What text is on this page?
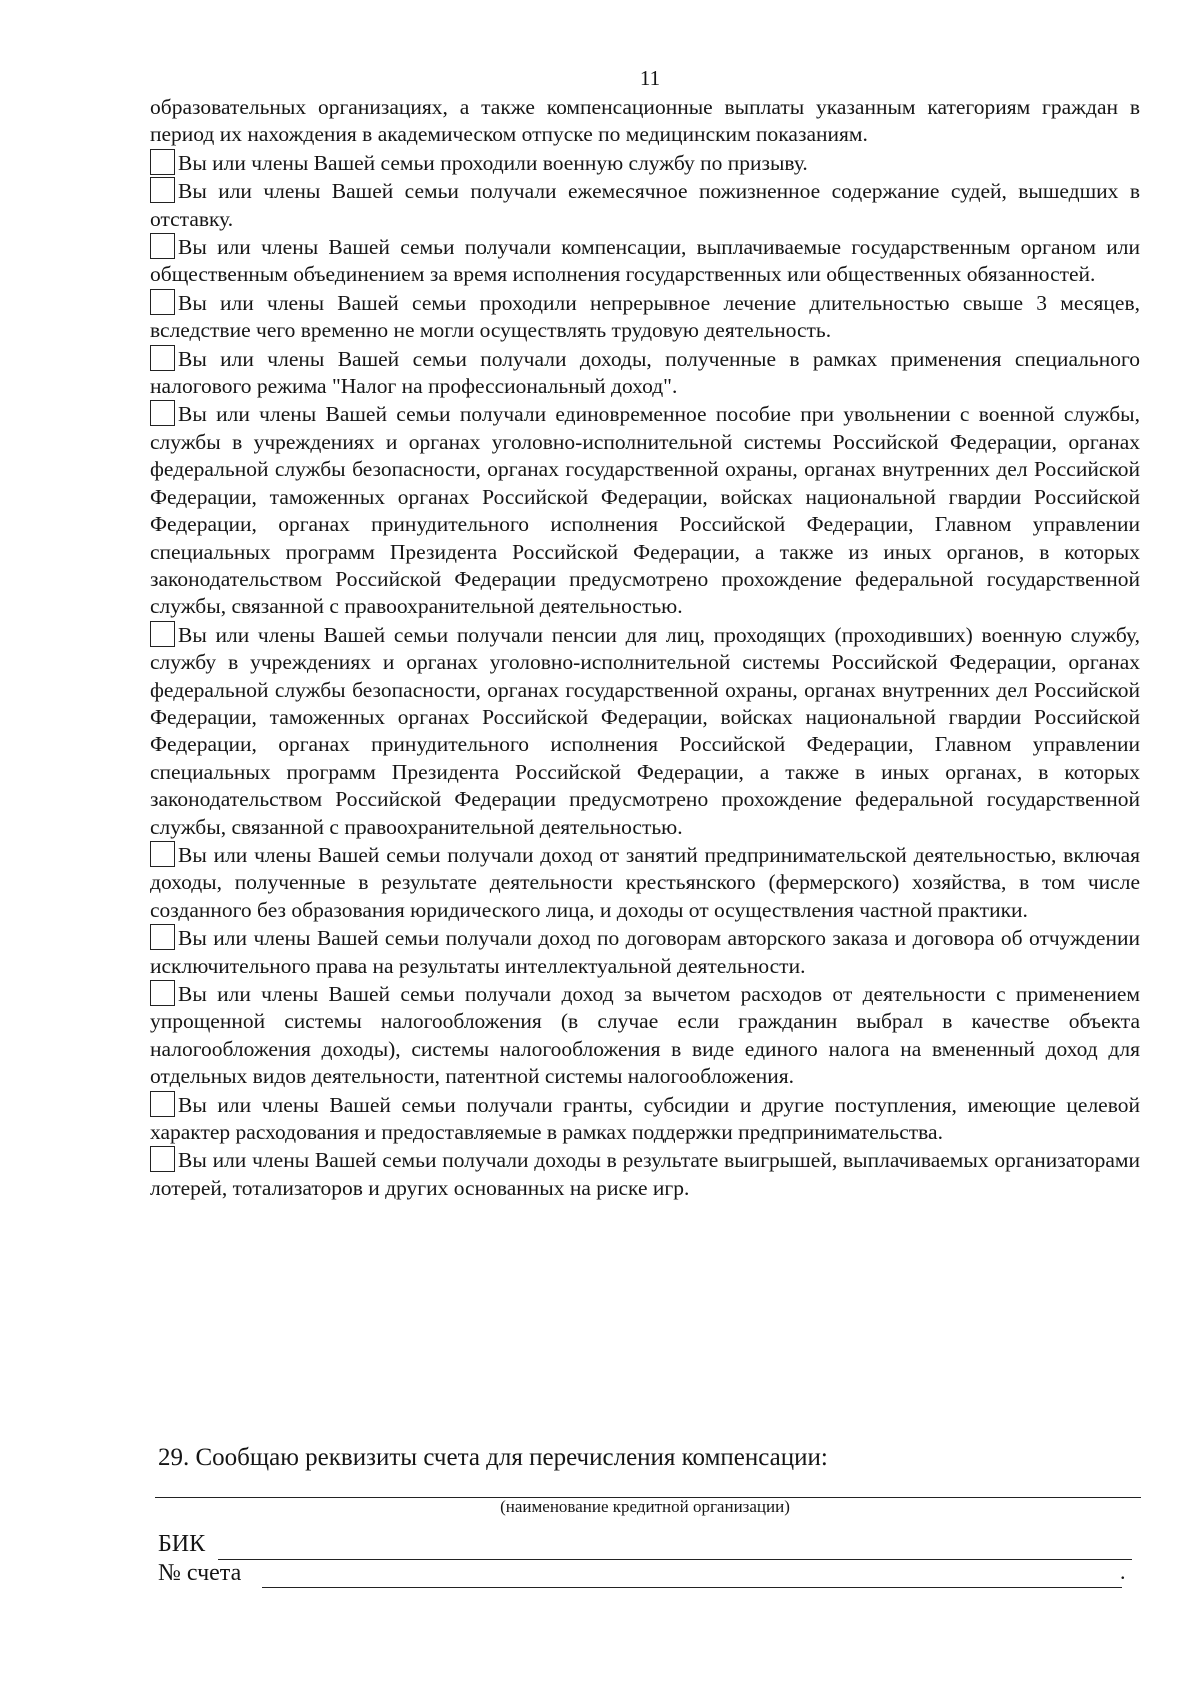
11

образовательных организациях, а также компенсационные выплаты указанным категориям граждан в период их нахождения в академическом отпуске по медицинским показаниям.

Вы или члены Вашей семьи проходили военную службу по призыву.

Вы или члены Вашей семьи получали ежемесячное пожизненное содержание судей, вышедших в отставку.

Вы или члены Вашей семьи получали компенсации, выплачиваемые государственным органом или общественным объединением за время исполнения государственных или общественных обязанностей.

Вы или члены Вашей семьи проходили непрерывное лечение длительностью свыше 3 месяцев, вследствие чего временно не могли осуществлять трудовую деятельность.

Вы или члены Вашей семьи получали доходы, полученные в рамках применения специального налогового режима "Налог на профессиональный доход".

Вы или члены Вашей семьи получали единовременное пособие при увольнении с военной службы, службы в учреждениях и органах уголовно-исполнительной системы Российской Федерации, органах федеральной службы безопасности, органах государственной охраны, органах внутренних дел Российской Федерации, таможенных органах Российской Федерации, войсках национальной гвардии Российской Федерации, органах принудительного исполнения Российской Федерации, Главном управлении специальных программ Президента Российской Федерации, а также из иных органов, в которых законодательством Российской Федерации предусмотрено прохождение федеральной государственной службы, связанной с правоохранительной деятельностью.

Вы или члены Вашей семьи получали пенсии для лиц, проходящих (проходивших) военную службу, службу в учреждениях и органах уголовно-исполнительной системы Российской Федерации, органах федеральной службы безопасности, органах государственной охраны, органах внутренних дел Российской Федерации, таможенных органах Российской Федерации, войсках национальной гвардии Российской Федерации, органах принудительного исполнения Российской Федерации, Главном управлении специальных программ Президента Российской Федерации, а также в иных органах, в которых законодательством Российской Федерации предусмотрено прохождение федеральной государственной службы, связанной с правоохранительной деятельностью.

Вы или члены Вашей семьи получали доход от занятий предпринимательской деятельностью, включая доходы, полученные в результате деятельности крестьянского (фермерского) хозяйства, в том числе созданного без образования юридического лица, и доходы от осуществления частной практики.

Вы или члены Вашей семьи получали доход по договорам авторского заказа и договора об отчуждении исключительного права на результаты интеллектуальной деятельности.

Вы или члены Вашей семьи получали доход за вычетом расходов от деятельности с применением упрощенной системы налогообложения (в случае если гражданин выбрал в качестве объекта налогообложения доходы), системы налогообложения в виде единого налога на вмененный доход для отдельных видов деятельности, патентной системы налогообложения.

Вы или члены Вашей семьи получали гранты, субсидии и другие поступления, имеющие целевой характер расходования и предоставляемые в рамках поддержки предпринимательства.

Вы или члены Вашей семьи получали доходы в результате выигрышей, выплачиваемых организаторами лотерей, тотализаторов и других основанных на риске игр.

29. Сообщаю реквизиты счета для перечисления компенсации:
(наименование кредитной организации)
БИК
№ счета	.
